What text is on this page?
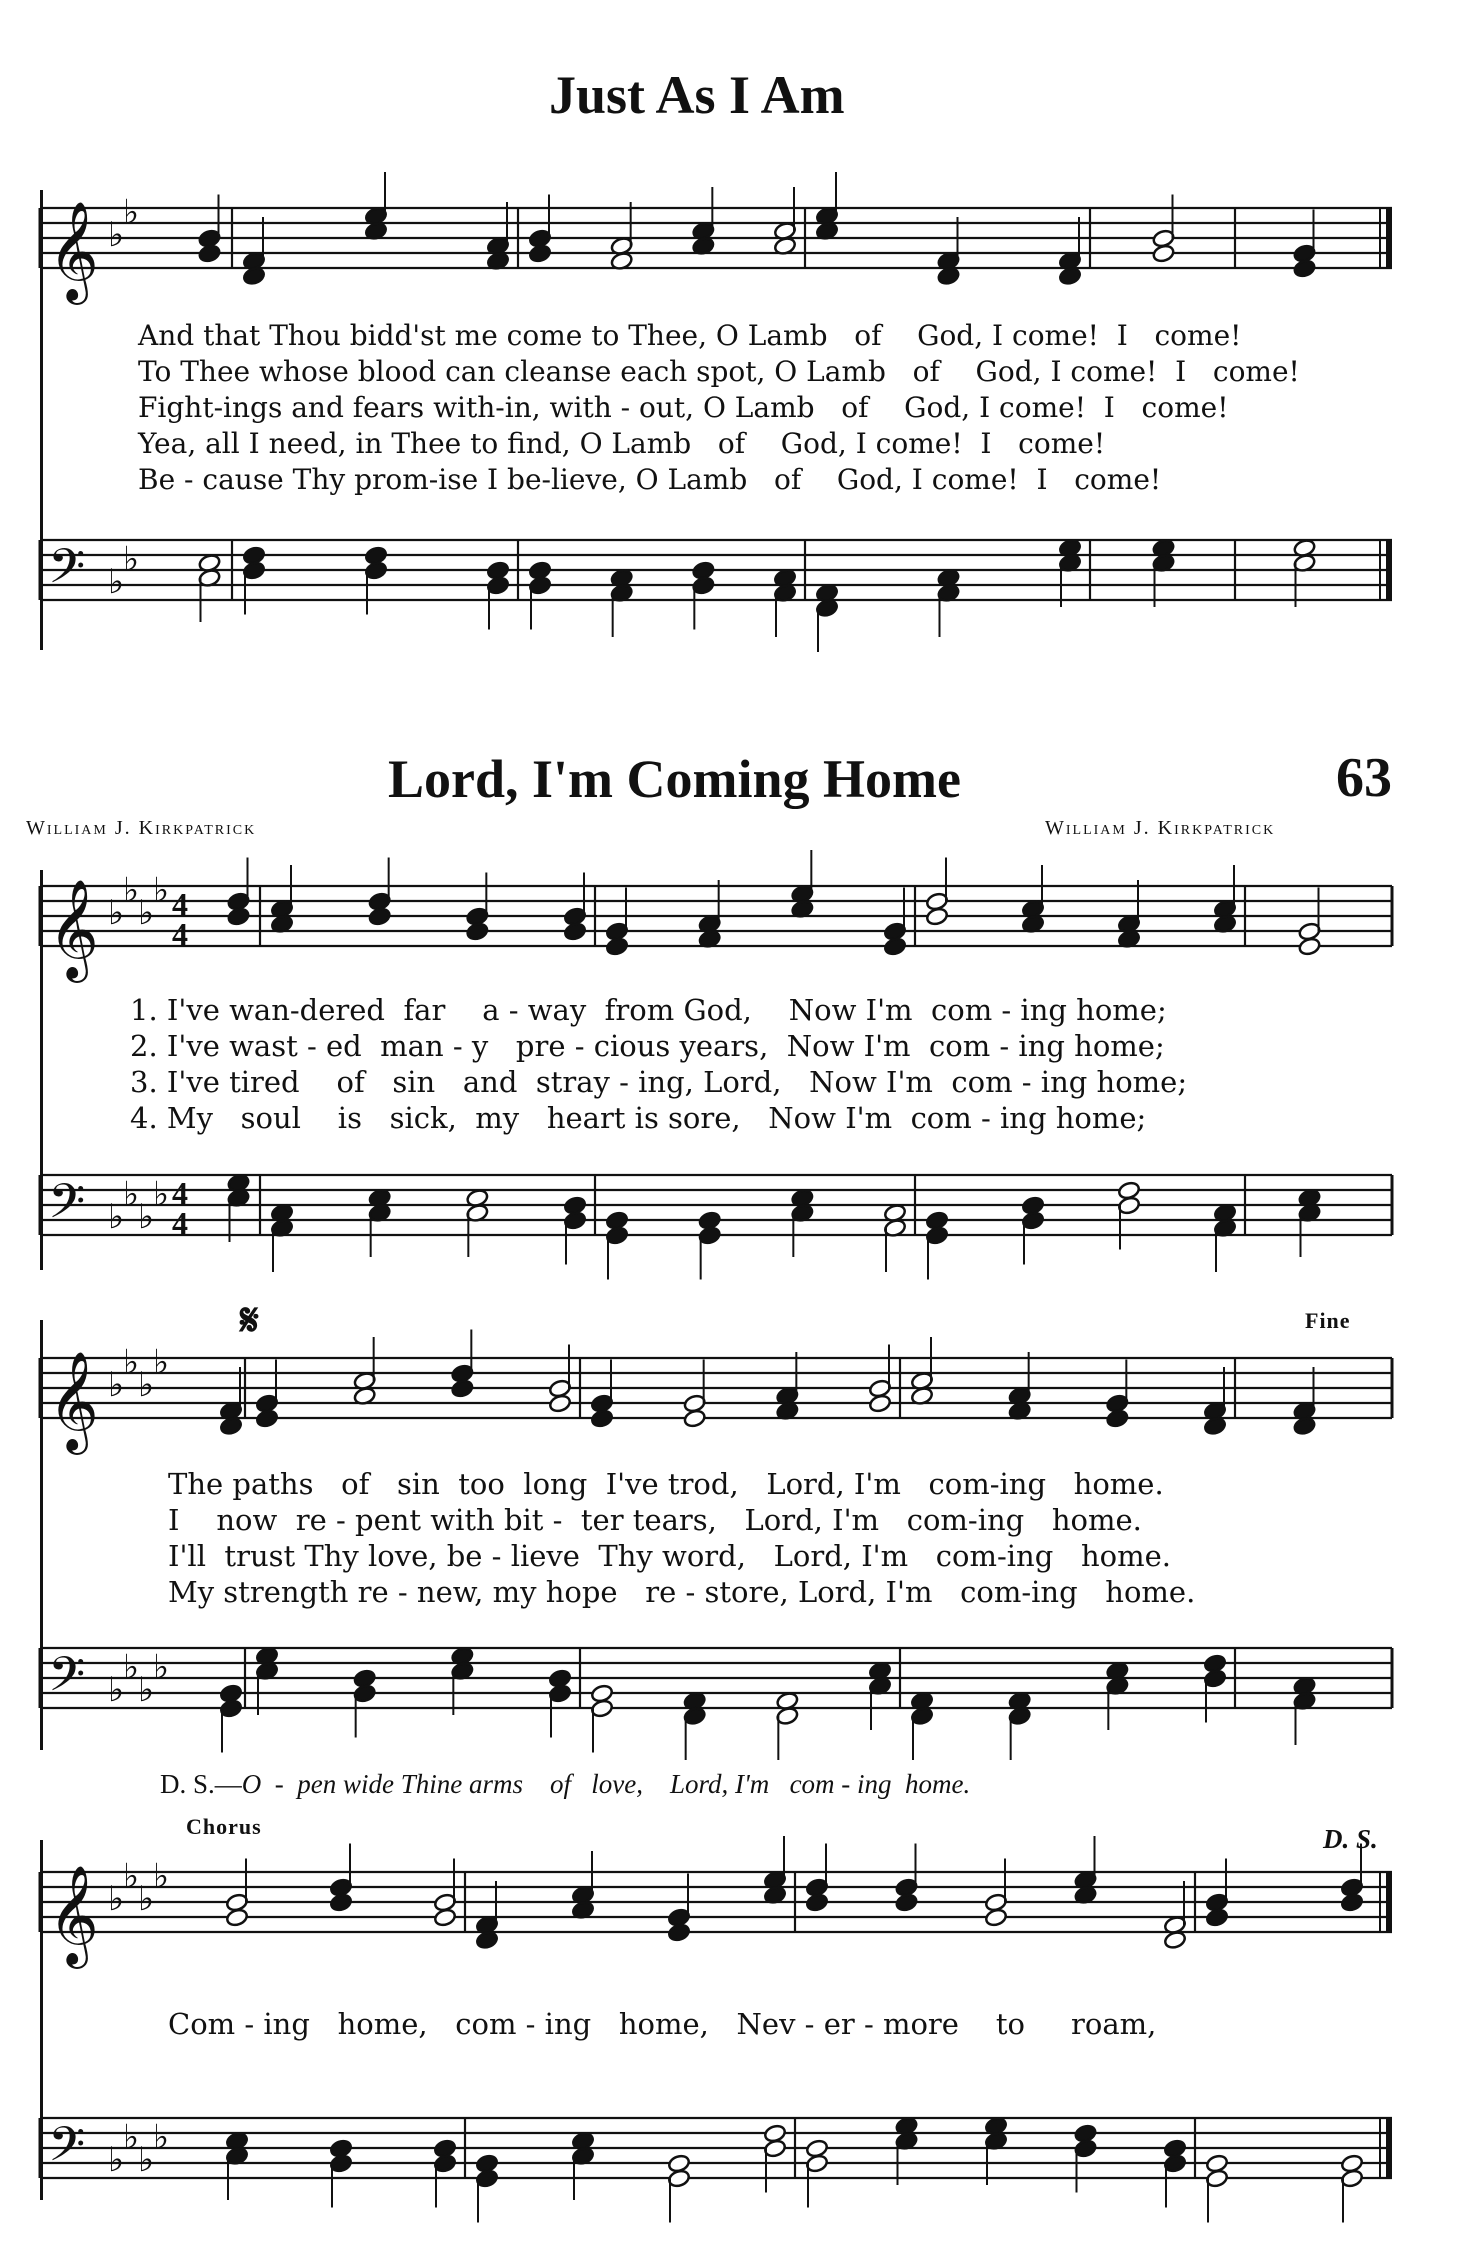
Just As I Am
𝄞 ♭
♭
𝄢 ♭
♭
𝄞 ♭
♭
♭
♭ 4
4
𝄢 ♭
♭
♭
♭ 4
4
𝄞 ♭
♭
♭
♭
𝄢 ♭
♭
♭
♭
𝄞 ♭
♭
♭
♭
𝄢 ♭
♭
♭
♭
And that Thou bidd'st me come to Thee, O Lamb of God, I come! I come!
To Thee whose blood can cleanse each spot, O Lamb of God, I come! I come!
Fight-ings and fears with-in, with - out, O Lamb of God, I come! I come!
Yea, all I need, in Thee to find, O Lamb of God, I come! I come!
Be - cause Thy prom-ise I be-lieve, O Lamb of God, I come! I come!
Lord, I'm Coming Home	63
William J. Kirkpatrick	William J. Kirkpatrick
1. I've wan-dered far a - way from God, Now I'm com - ing home;
2. I've wast - ed man - y pre - cious years, Now I'm com - ing home;
3. I've tired of sin and stray - ing, Lord, Now I'm com - ing home;
4. My soul is sick, my heart is sore, Now I'm com - ing home;
𝄋	Fine
The paths of sin too long I've trod, Lord, I'm com-ing home.
I now re - pent with bit - ter tears, Lord, I'm com-ing home.
I'll trust Thy love, be - lieve Thy word, Lord, I'm com-ing home.
My strength re - new, my hope re - store, Lord, I'm com-ing home.
D. S.—O - pen wide Thine arms of love, Lord, I'm com - ing home.
Chorus	D. S.
Com - ing home, com - ing home, Nev - er - more to roam,
